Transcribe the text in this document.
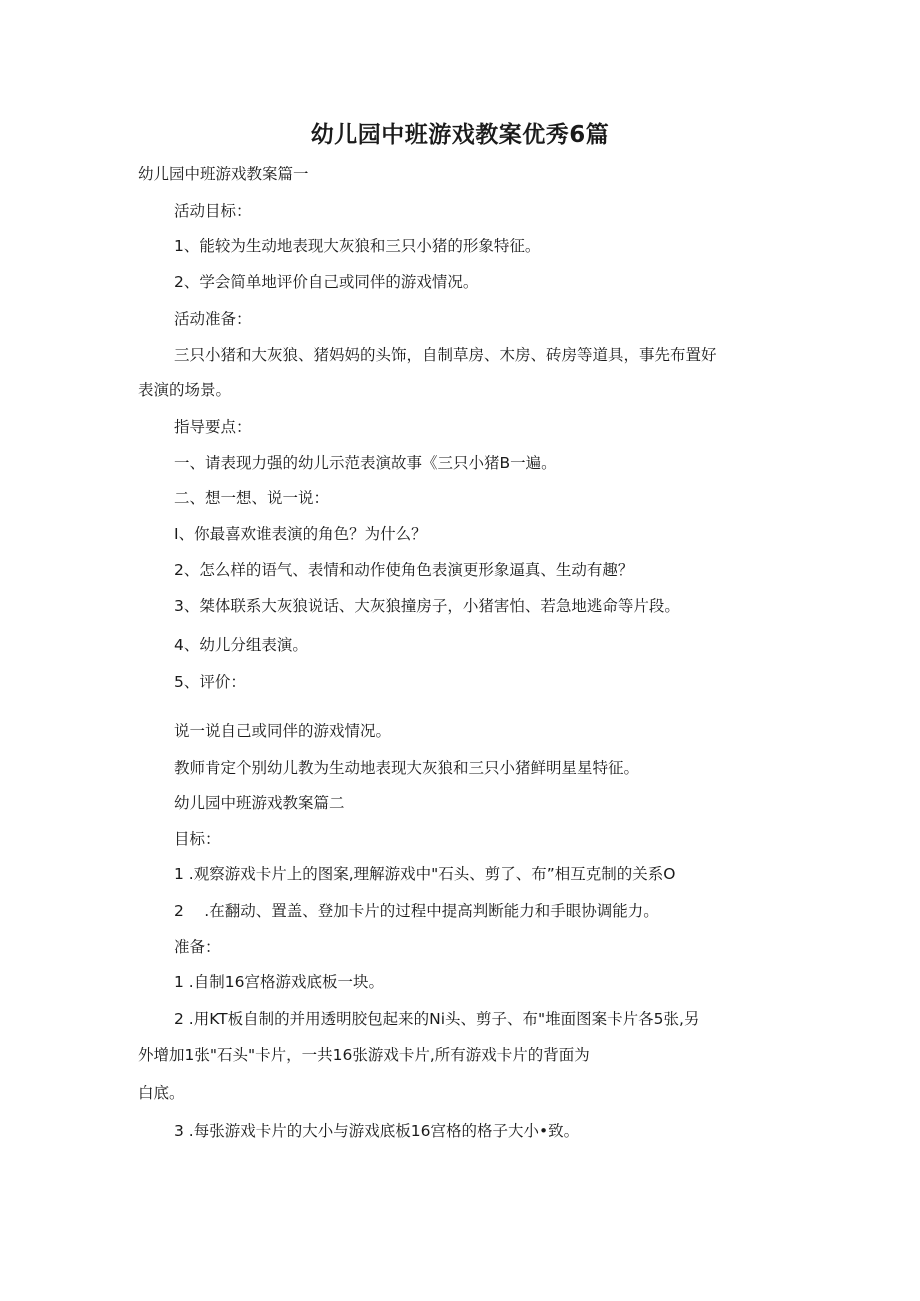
幼儿园中班游戏教案优秀6篇
幼儿园中班游戏教案篇一
活动目标：
1、能较为生动地表现大灰狼和三只小猪的形象特征。
2、学会简单地评价自己或同伴的游戏情况。
活动准备：
三只小猪和大灰狼、猪妈妈的头饰，自制草房、木房、砖房等道具，事先布置好
表演的场景。
指导要点：
一、请表现力强的幼儿示范表演故事《三只小猪B一遍。
二、想一想、说一说：
I、你最喜欢谁表演的角色？为什么？
2、怎么样的语气、表情和动作使角色表演更形象逼真、生动有趣？
3、桀体联系大灰狼说话、大灰狼撞房子，小猪害怕、若急地逃命等片段。
4、幼儿分组表演。
5、评价：
说一说自己或同伴的游戏情况。
教师肯定个别幼儿教为生动地表现大灰狼和三只小猪鲜明星星特征。
幼儿园中班游戏教案篇二
目标：
1 .观察游戏卡片上的图案,理解游戏中"石头、剪了、布”相互克制的关系O
2 　.在翻动、置盖、登加卡片的过程中提高判断能力和手眼协调能力。
准备：
1 .自制16宫格游戏底板一块。
2 .用KT板自制的并用透明胶包起来的Ni头、剪子、布"堆面图案卡片各5张,另
外增加1张"石头"卡片，一共16张游戏卡片,所有游戏卡片的背面为
白底。
3 .每张游戏卡片的大小与游戏底板16宫格的格子大小•致。
